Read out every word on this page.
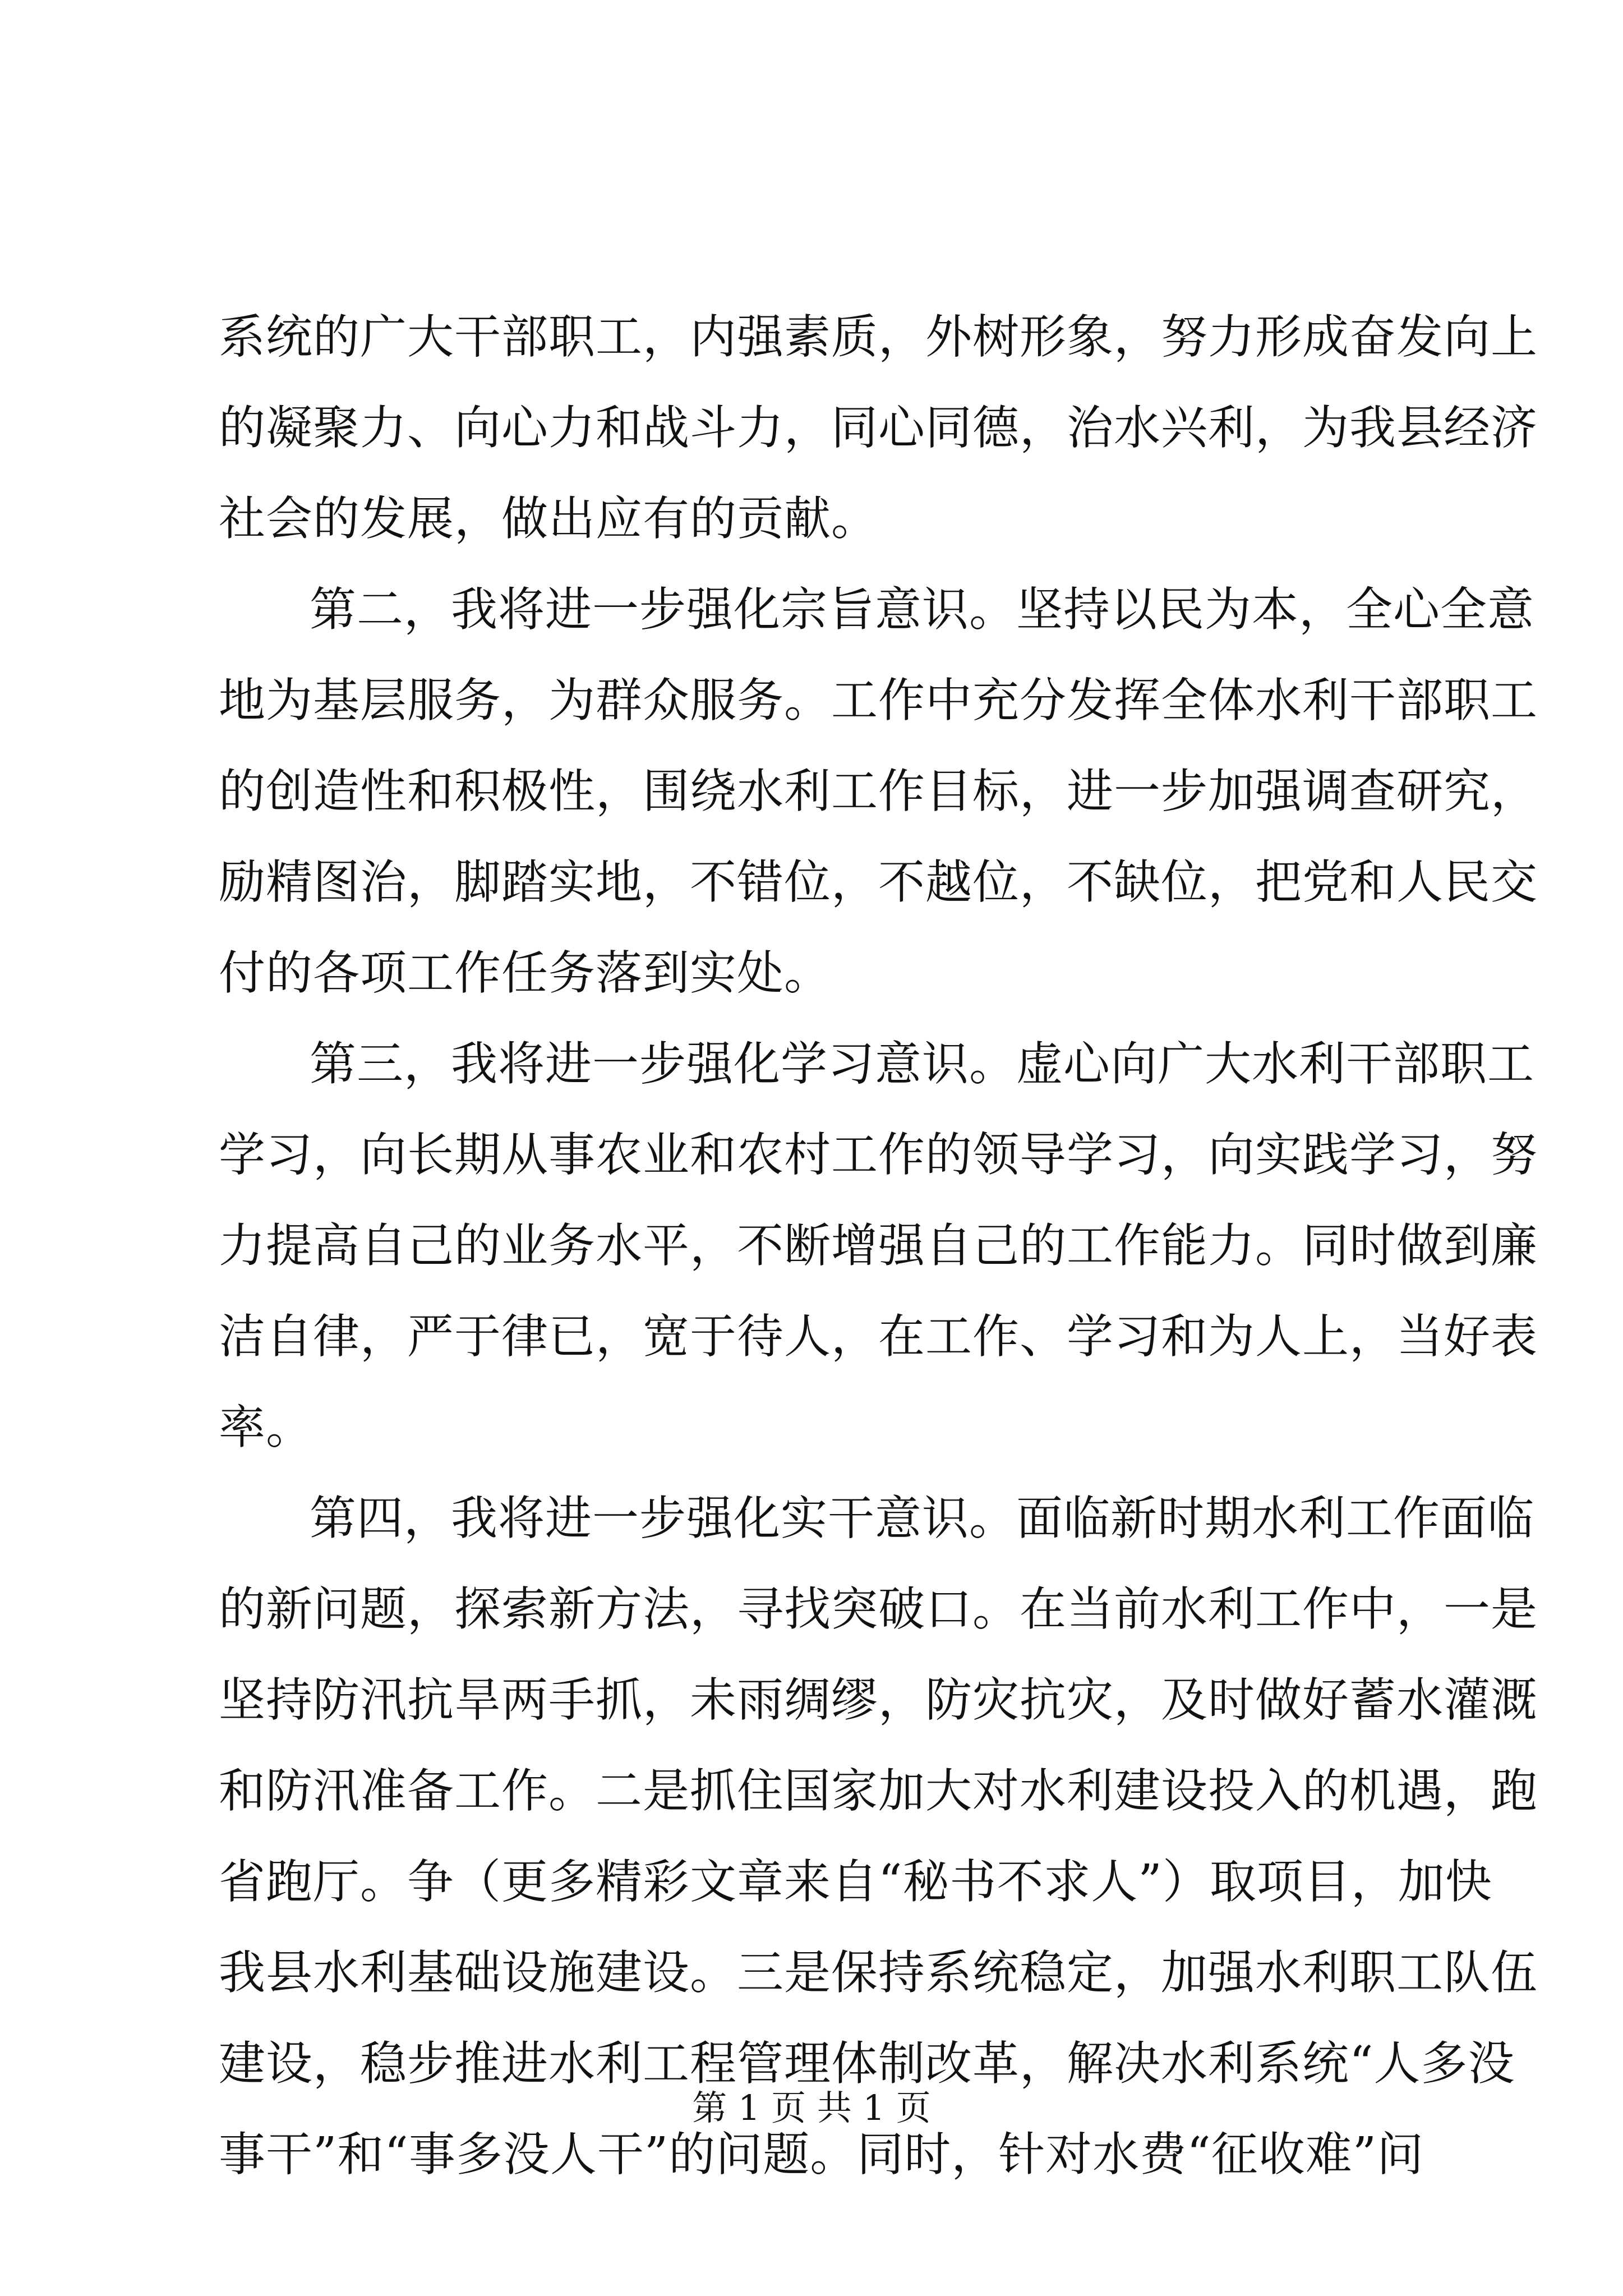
系统的广大干部职工，内强素质，外树形象，努力形成奋发向上
的凝聚力、向心力和战斗力，同心同德，治水兴利，为我县经济
社会的发展，做出应有的贡献。
第二，我将进一步强化宗旨意识。坚持以民为本，全心全意
地为基层服务，为群众服务。工作中充分发挥全体水利干部职工
的创造性和积极性，围绕水利工作目标，进一步加强调查研究，
励精图治，脚踏实地，不错位，不越位，不缺位，把党和人民交
付的各项工作任务落到实处。
第三，我将进一步强化学习意识。虚心向广大水利干部职工
学习，向长期从事农业和农村工作的领导学习，向实践学习，努
力提高自己的业务水平，不断增强自己的工作能力。同时做到廉
洁自律，严于律已，宽于待人，在工作、学习和为人上，当好表
率。
第四，我将进一步强化实干意识。面临新时期水利工作面临
的新问题，探索新方法，寻找突破口。在当前水利工作中，一是
坚持防汛抗旱两手抓，未雨绸缪，防灾抗灾，及时做好蓄水灌溉
和防汛准备工作。二是抓住国家加大对水利建设投入的机遇，跑
省跑厅。争（更多精彩文章来自“秘书不求人”）取项目，加快
我县水利基础设施建设。三是保持系统稳定，加强水利职工队伍
建设，稳步推进水利工程管理体制改革，解决水利系统“人多没
事干”和“事多没人干”的问题。同时，针对水费“征收难”问
第 1 页 共 1 页
